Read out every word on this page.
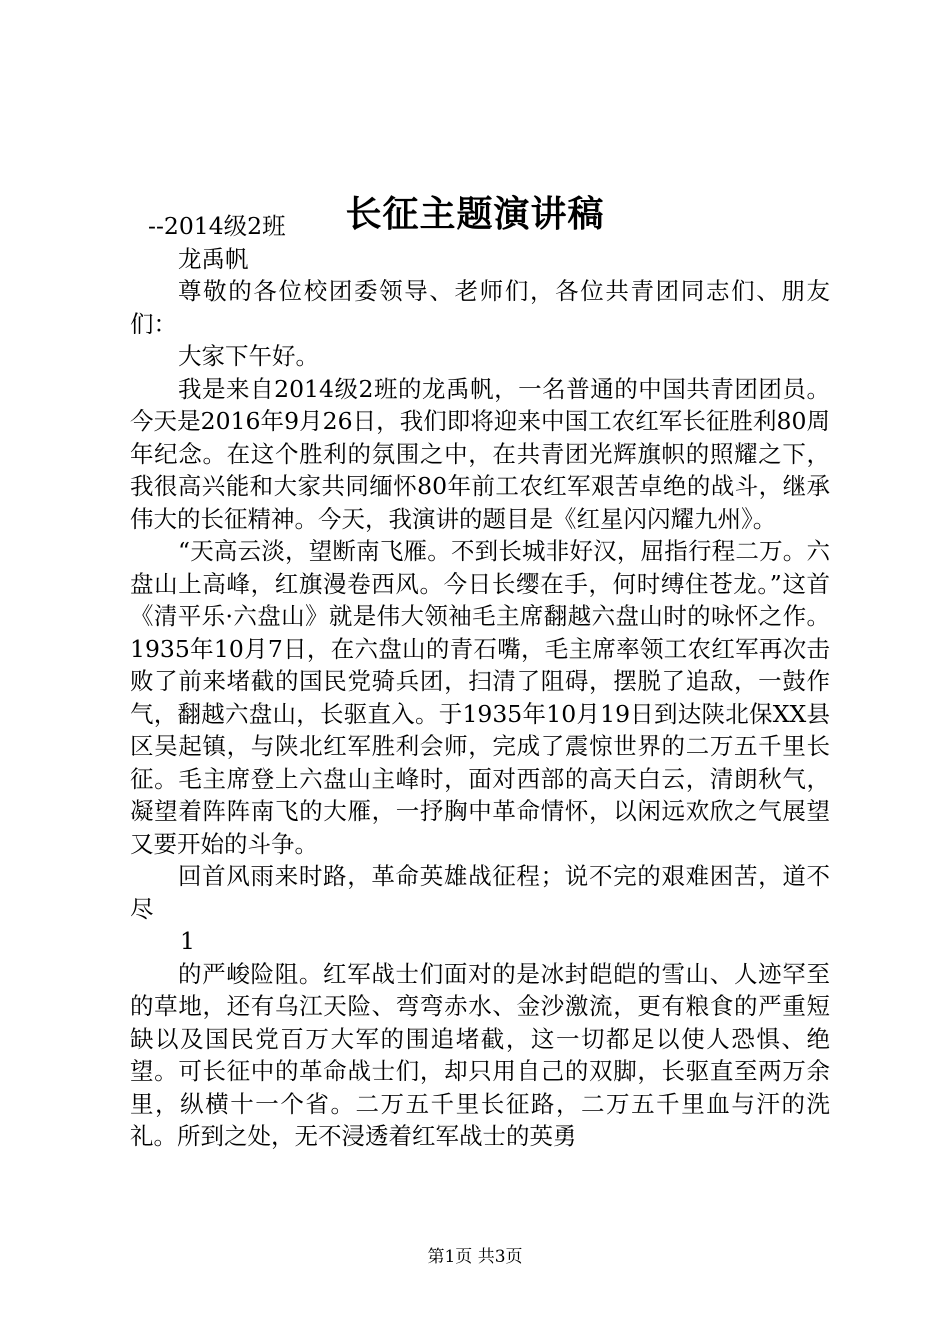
长征主题演讲稿

--2014级2班

龙禹帆

尊敬的各位校团委领导、老师们，各位共青团同志们、朋友们：

大家下午好。

我是来自2014级2班的龙禹帆，一名普通的中国共青团团员。今天是2016年9月26日，我们即将迎来中国工农红军长征胜利80周年纪念。在这个胜利的氛围之中，在共青团光辉旗帜的照耀之下，我很高兴能和大家共同缅怀80年前工农红军艰苦卓绝的战斗，继承伟大的长征精神。今天，我演讲的题目是《红星闪闪耀九州》。

“天高云淡，望断南飞雁。不到长城非好汉，屈指行程二万。六盘山上高峰，红旗漫卷西风。今日长缨在手，何时缚住苍龙。”这首《清平乐·六盘山》就是伟大领袖毛主席翻越六盘山时的咏怀之作。1935年10月7日，在六盘山的青石嘴，毛主席率领工农红军再次击败了前来堵截的国民党骑兵团，扫清了阻碍，摆脱了追敌，一鼓作气，翻越六盘山，长驱直入。于1935年10月19日到达陕北保XX县区吴起镇，与陕北红军胜利会师，完成了震惊世界的二万五千里长征。毛主席登上六盘山主峰时，面对西部的高天白云，清朗秋气，凝望着阵阵南飞的大雁，一抒胸中革命情怀，以闲远欢欣之气展望又要开始的斗争。

回首风雨来时路，革命英雄战征程；说不完的艰难困苦，道不尽

1

的严峻险阻。红军战士们面对的是冰封皑皑的雪山、人迹罕至的草地，还有乌江天险、弯弯赤水、金沙激流，更有粮食的严重短缺以及国民党百万大军的围追堵截，这一切都足以使人恐惧、绝望。可长征中的革命战士们，却只用自己的双脚，长驱直至两万余里，纵横十一个省。二万五千里长征路，二万五千里血与汗的洗礼。所到之处，无不浸透着红军战士的英勇

第1页 共3页
